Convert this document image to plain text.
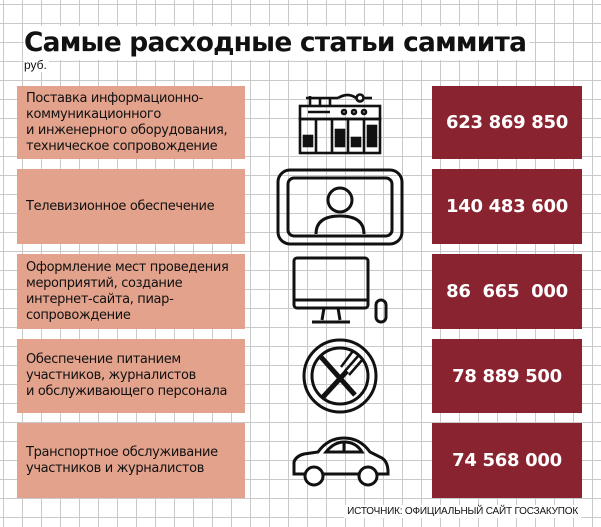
Самые расходные статьи саммита
руб.
Поставка информационно-
коммуникационного
и инженерного оборудования,
техническое сопровождение
623 869 850
Телевизионное обеспечение	140 483 600
Оформление мест проведения
мероприятий, создание
интернет-сайта, пиар-
сопровождение
86  665  000
Обеспечение питанием
участников, журналистов
и обслуживающего персонала
78 889 500
Транспортное обслуживание
участников и журналистов	74 568 000
ИСТОЧНИК: ОФИЦИАЛЬНЫЙ САЙТ ГОСЗАКУПОК
